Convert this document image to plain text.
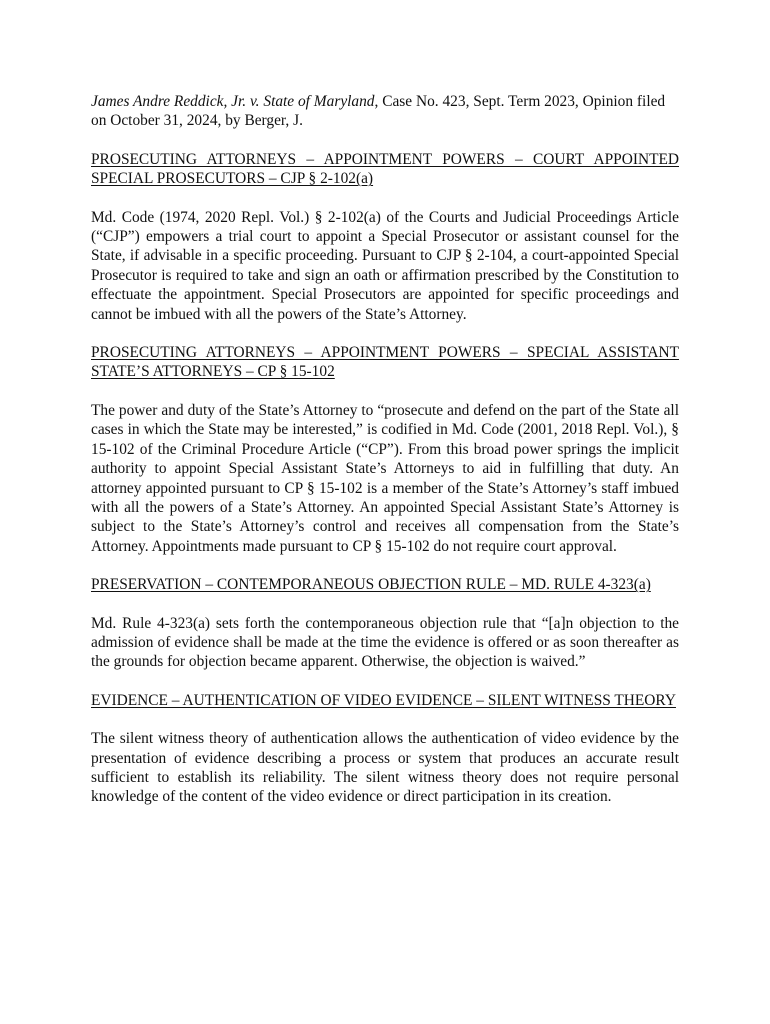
James Andre Reddick, Jr. v. State of Maryland, Case No. 423, Sept. Term 2023, Opinion filed on October 31, 2024, by Berger, J.

PROSECUTING ATTORNEYS – APPOINTMENT POWERS – COURT APPOINTED SPECIAL PROSECUTORS – CJP § 2-102(a)

Md. Code (1974, 2020 Repl. Vol.) § 2-102(a) of the Courts and Judicial Proceedings Article (“CJP”) empowers a trial court to appoint a Special Prosecutor or assistant counsel for the State, if advisable in a specific proceeding. Pursuant to CJP § 2-104, a court-appointed Special Prosecutor is required to take and sign an oath or affirmation prescribed by the Constitution to effectuate the appointment. Special Prosecutors are appointed for specific proceedings and cannot be imbued with all the powers of the State’s Attorney.

PROSECUTING ATTORNEYS – APPOINTMENT POWERS – SPECIAL ASSISTANT STATE’S ATTORNEYS – CP § 15-102

The power and duty of the State’s Attorney to “prosecute and defend on the part of the State all cases in which the State may be interested,” is codified in Md. Code (2001, 2018 Repl. Vol.), § 15-102 of the Criminal Procedure Article (“CP”). From this broad power springs the implicit authority to appoint Special Assistant State’s Attorneys to aid in fulfilling that duty. An attorney appointed pursuant to CP § 15-102 is a member of the State’s Attorney’s staff imbued with all the powers of a State’s Attorney. An appointed Special Assistant State’s Attorney is subject to the State’s Attorney’s control and receives all compensation from the State’s Attorney. Appointments made pursuant to CP § 15-102 do not require court approval.

PRESERVATION – CONTEMPORANEOUS OBJECTION RULE – MD. RULE 4-323(a)

Md. Rule 4-323(a) sets forth the contemporaneous objection rule that “[a]n objection to the admission of evidence shall be made at the time the evidence is offered or as soon thereafter as the grounds for objection became apparent. Otherwise, the objection is waived.”

EVIDENCE – AUTHENTICATION OF VIDEO EVIDENCE – SILENT WITNESS THEORY

The silent witness theory of authentication allows the authentication of video evidence by the presentation of evidence describing a process or system that produces an accurate result sufficient to establish its reliability. The silent witness theory does not require personal knowledge of the content of the video evidence or direct participation in its creation.
